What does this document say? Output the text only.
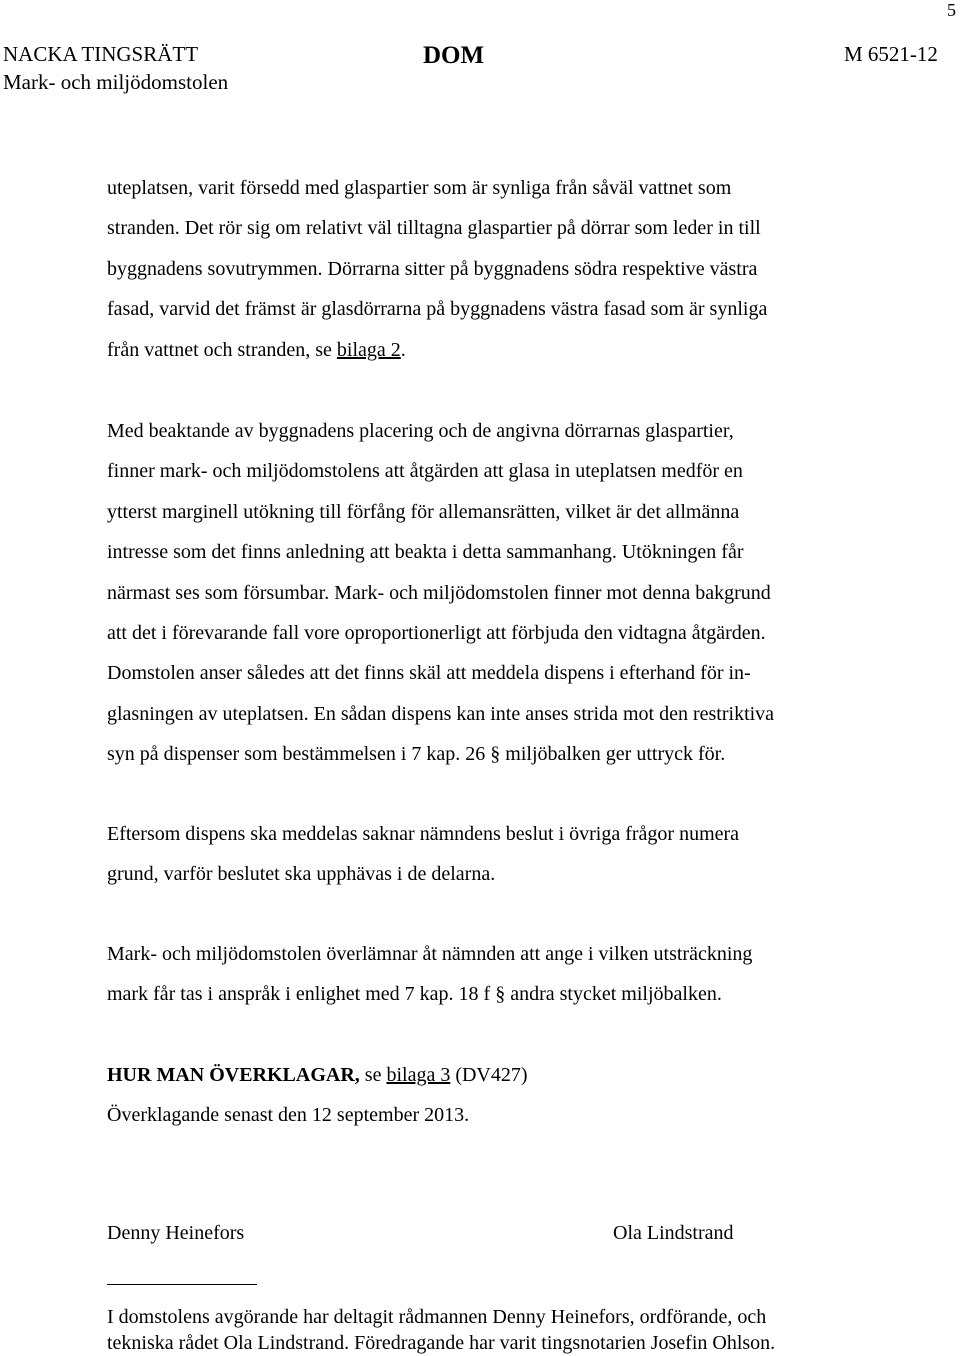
5
NACKA TINGSRÄTT
Mark- och miljödomstolen
DOM	M 6521-12

uteplatsen, varit försedd med glaspartier som är synliga från såväl vattnet som
stranden. Det rör sig om relativt väl tilltagna glaspartier på dörrar som leder in till
byggnadens sovutrymmen. Dörrarna sitter på byggnadens södra respektive västra
fasad, varvid det främst är glasdörrarna på byggnadens västra fasad som är synliga
från vattnet och stranden, se bilaga 2.

Med beaktande av byggnadens placering och de angivna dörrarnas glaspartier,
finner mark- och miljödomstolens att åtgärden att glasa in uteplatsen medför en
ytterst marginell utökning till förfång för allemansrätten, vilket är det allmänna
intresse som det finns anledning att beakta i detta sammanhang. Utökningen får
närmast ses som försumbar. Mark- och miljödomstolen finner mot denna bakgrund
att det i förevarande fall vore oproportionerligt att förbjuda den vidtagna åtgärden.
Domstolen anser således att det finns skäl att meddela dispens i efterhand för in-
glasningen av uteplatsen. En sådan dispens kan inte anses strida mot den restriktiva
syn på dispenser som bestämmelsen i 7 kap. 26 § miljöbalken ger uttryck för.

Eftersom dispens ska meddelas saknar nämndens beslut i övriga frågor numera
grund, varför beslutet ska upphävas i de delarna.

Mark- och miljödomstolen överlämnar åt nämnden att ange i vilken utsträckning
mark får tas i anspråk i enlighet med 7 kap. 18 f § andra stycket miljöbalken.

HUR MAN ÖVERKLAGAR, se bilaga 3 (DV427)
Överklagande senast den 12 september 2013.

Denny Heinefors	Ola Lindstrand

I domstolens avgörande har deltagit rådmannen Denny Heinefors, ordförande, och
tekniska rådet Ola Lindstrand. Föredragande har varit tingsnotarien Josefin Ohlson.
